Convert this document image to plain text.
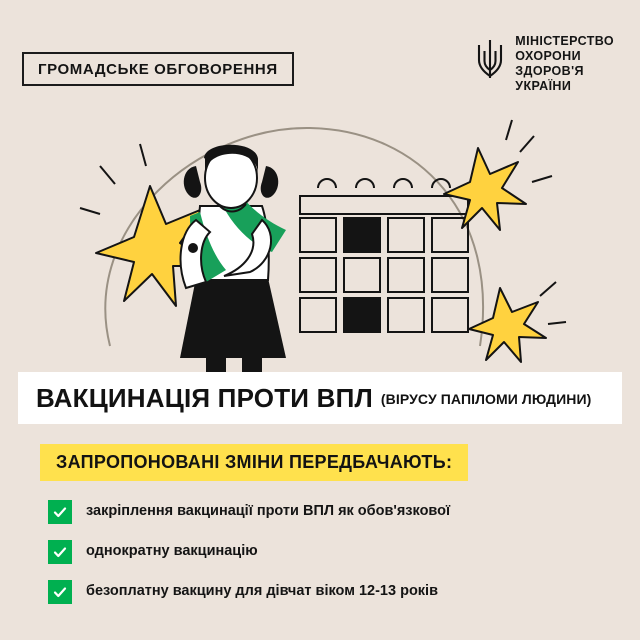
ГРОМАДСЬКЕ ОБГОВОРЕННЯ
МІНІСТЕРСТВО
ОХОРОНИ
ЗДОРОВ'Я
УКРАЇНИ
ВАКЦИНАЦІЯ ПРОТИ ВПЛ (ВІРУСУ ПАПІЛОМИ ЛЮДИНИ)
ЗАПРОПОНОВАНІ ЗМІНИ ПЕРЕДБАЧАЮТЬ:
закріплення вакцинації проти ВПЛ як обов'язкової
однократну вакцинацію
безоплатну вакцину для дівчат віком 12-13 років
